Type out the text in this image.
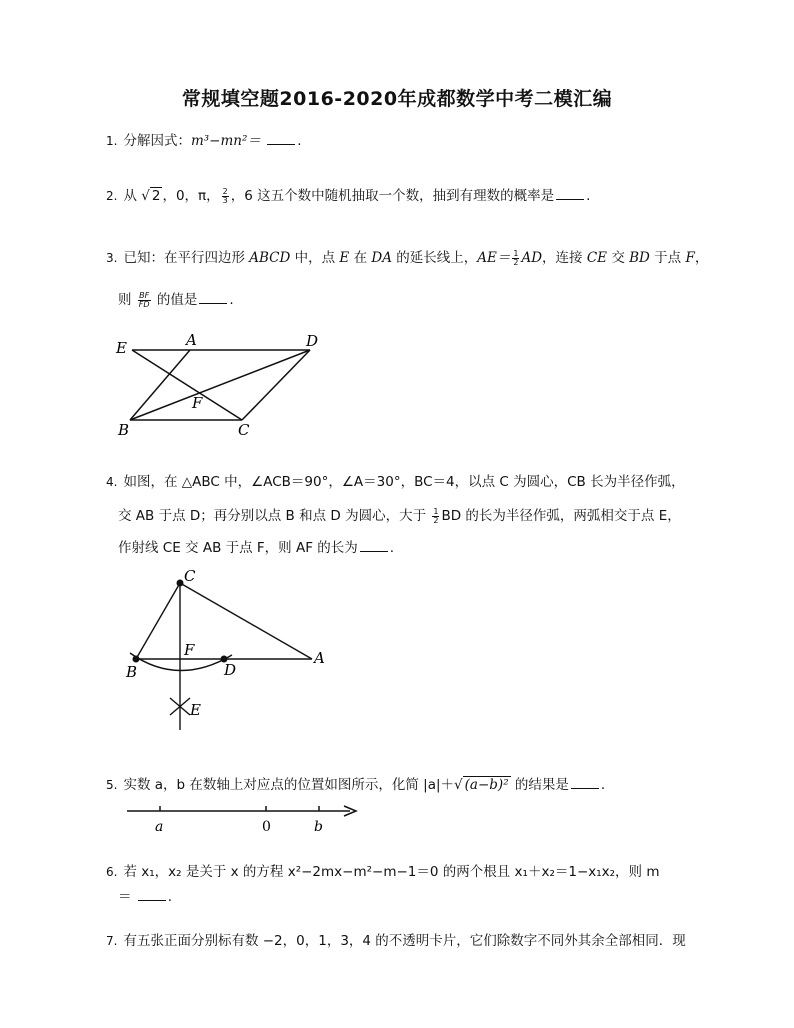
常规填空题2016-2020年成都数学中考二模汇编
1. 分解因式：m³−mn²＝	.
2. 从 √ 2 ，0，π， $\frac{2}{3}$ ，6 这五个数中随机抽取一个数，抽到有理数的概率是 .
3. 已知：在平行四边形 ABCD 中，点 E 在 DA 的延长线上，$AE= \frac{1}{2}$ AD，连接 CE 交 BD 于点 F，
则 $\frac{BF}{FD}$ 的值是 .
E	A	D
F
B	C
4. 如图，在 △ABC 中，∠ACB＝90°，∠A＝30°，BC＝4，以点 C 为圆心，CB 长为半径作弧，
交 AB 于点 D；再分别以点 B 和点 D 为圆心，大于 $\frac{1}{2}$ BD 的长为半径作弧，两弧相交于点 E，
作射线 CE 交 AB 于点 F，则 AF 的长为 .
C
F	A
B	D
E
5. 实数 a，b 在数轴上对应点的位置如图所示，化简 |a|＋√ (a−b)² 的结果是 .
a	0	b
6. 若 x₁，x₂ 是关于 x 的方程 x²−2mx−m²−m−1＝0 的两个根且 x₁＋x₂＝1−x₁x₂，则 m
＝	.
7. 有五张正面分别标有数 −2，0，1，3，4 的不透明卡片，它们除数字不同外其余全部相同．现
